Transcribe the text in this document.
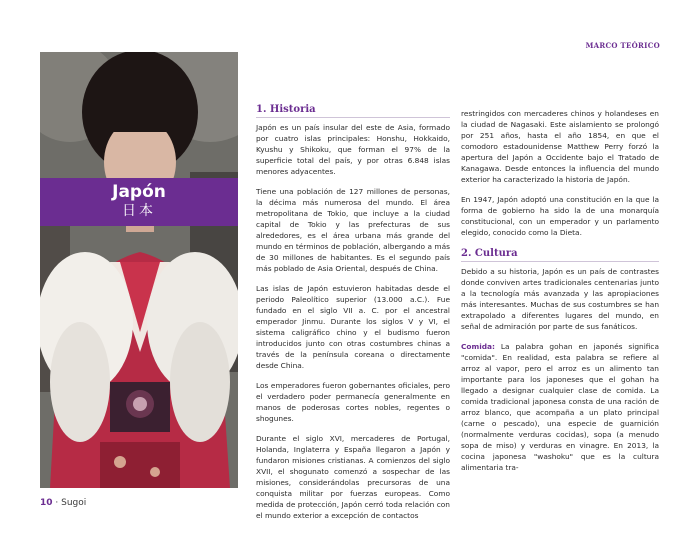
MARCO TEÓRICO
Japón
日本
1. Historia

Japón es un país insular del este de Asia, formado por cuatro islas principales: Honshu, Hokkaido, Kyushu y Shikoku, que forman el 97% de la superficie total del país, y por otras 6.848 islas menores adyacentes.

Tiene una población de 127 millones de personas, la décima más numerosa del mundo. El área metropolitana de Tokio, que incluye a la ciudad capital de Tokio y las prefecturas de sus alrededores, es el área urbana más grande del mundo en términos de población, albergando a más de 30 millones de habitantes. Es el segundo país más poblado de Asia Oriental, después de China.

Las islas de Japón estuvieron habitadas desde el periodo Paleolítico superior (13.000 a.C.). Fue fundado en el siglo VII a. C. por el ancestral emperador Jinmu. Durante los siglos V y VI, el sistema caligráfico chino y el budismo fueron introducidos junto con otras costumbres chinas a través de la península coreana o directamente desde China.

Los emperadores fueron gobernantes oficiales, pero el verdadero poder permanecía generalmente en manos de poderosas cortes nobles, regentes o shogunes.

Durante el siglo XVI, mercaderes de Portugal, Holanda, Inglaterra y España llegaron a Japón y fundaron misiones cristianas. A comienzos del siglo XVII, el shogunato comenzó a sospechar de las misiones, considerándolas precursoras de una conquista militar por fuerzas europeas. Como medida de protección, Japón cerró toda relación con el mundo exterior a excepción de contactos

restringidos con mercaderes chinos y holandeses en la ciudad de Nagasaki. Este aislamiento se prolongó por 251 años, hasta el año 1854, en que el comodoro estadounidense Matthew Perry forzó la apertura del Japón a Occidente bajo el Tratado de Kanagawa. Desde entonces la influencia del mundo exterior ha caracterizado la historia de Japón.

En 1947, Japón adoptó una constitución en la que la forma de gobierno ha sido la de una monarquía constitucional, con un emperador y un parlamento elegido, conocido como la Dieta.

2. Cultura

Debido a su historia, Japón es un país de contrastes donde conviven artes tradicionales centenarias junto a la tecnología más avanzada y las apropiaciones más interesantes. Muchas de sus costumbres se han extrapolado a diferentes lugares del mundo, en señal de admiración por parte de sus fanáticos.

Comida: La palabra gohan en japonés significa "comida". En realidad, esta palabra se refiere al arroz al vapor, pero el arroz es un alimento tan importante para los japoneses que el gohan ha llegado a designar cualquier clase de comida. La comida tradicional japonesa consta de una ración de arroz blanco, que acompaña a un plato principal (carne o pescado), una especie de guarnición (normalmente verduras cocidas), sopa (a menudo sopa de miso) y verduras en vinagre. En 2013, la cocina japonesa "washoku" que es la cultura alimentaria tra-

10 · Sugoi
